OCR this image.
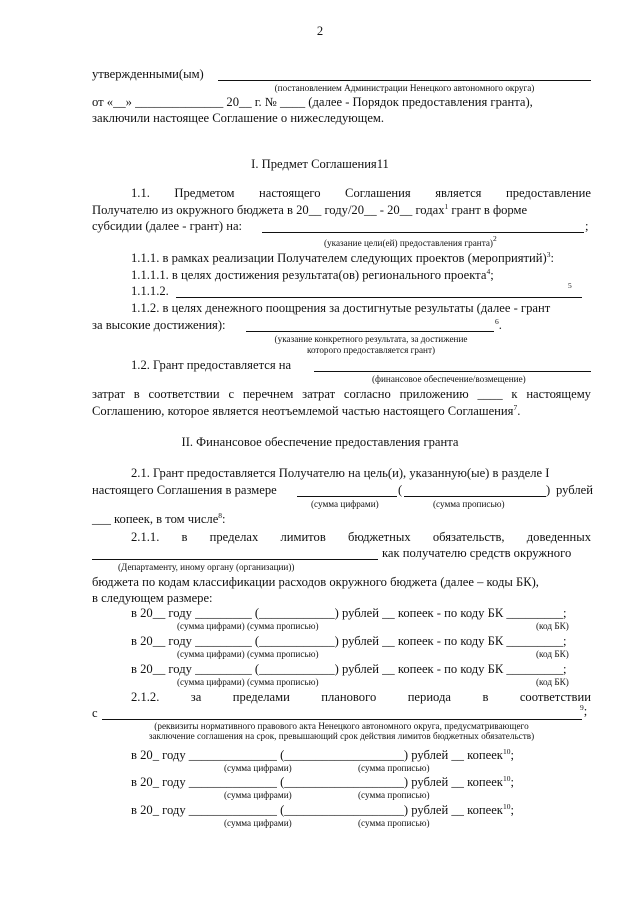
2
утвержденными(ым)
(постановлением Администрации Ненецкого автономного округа)
от «__» ______________ 20__ г. № ____ (далее - Порядок предоставления гранта),
заключили настоящее Соглашение о нижеследующем.
I. Предмет Соглашения11
1.1. Предметом настоящего Соглашения является предоставление
Получателю из окружного бюджета в 20__ году/20__ - 20__ годах$^1$ грант в форме
субсидии (далее - грант) на:	;
(указание цели(ей) предоставления гранта)$^2$
1.1.1. в рамках реализации Получателем следующих проектов (мероприятий)$^3$:
1.1.1.1. в целях достижения результата(ов) регионального проекта$^4$;
1.1.1.2.	$^5$
1.1.2. в целях денежного поощрения за достигнутые результаты (далее - грант
за высокие достижения):	$^6$.
(указание конкретного результата, за достижение
которого предоставляется грант)
1.2. Грант предоставляется на
(финансовое обеспечение/возмещение)
затрат в соответствии с перечнем затрат согласно приложению ____ к настоящему
Соглашению, которое является неотъемлемой частью настоящего Соглашения$^7$.
II. Финансовое обеспечение предоставления гранта
2.1. Грант предоставляется Получателю на цель(и), указанную(ые) в разделе I
настоящего Соглашения в размере	(	) рублей
(сумма цифрами)	(сумма прописью)
___ копеек, в том числе$^8$:
2.1.1. в пределах лимитов бюджетных обязательств, доведенных
как получателю средств окружного
(Департаменту, иному органу (организации))
бюджета по кодам классификации расходов окружного бюджета (далее – коды БК),
в следующем размере:
в 20__ году _________ (____________) рублей __ копеек - по коду БК _________;
(сумма цифрами) (сумма прописью)	(код БК)
в 20__ году _________ (____________) рублей __ копеек - по коду БК _________;
(сумма цифрами) (сумма прописью)	(код БК)
в 20__ году _________ (____________) рублей __ копеек - по коду БК _________;
(сумма цифрами) (сумма прописью)	(код БК)
2.1.2. за пределами планового периода в соответствии
с	$^9$;
(реквизиты нормативного правового акта Ненецкого автономного округа, предусматривающего
заключение соглашения на срок, превышающий срок действия лимитов бюджетных обязательств)
в 20_ году ______________ (___________________) рублей __ копеек$^{10}$;
(сумма цифрами)	(сумма прописью)
в 20_ году ______________ (___________________) рублей __ копеек$^{10}$;
(сумма цифрами)	(сумма прописью)
в 20_ году ______________ (___________________) рублей __ копеек$^{10}$;
(сумма цифрами)	(сумма прописью)
